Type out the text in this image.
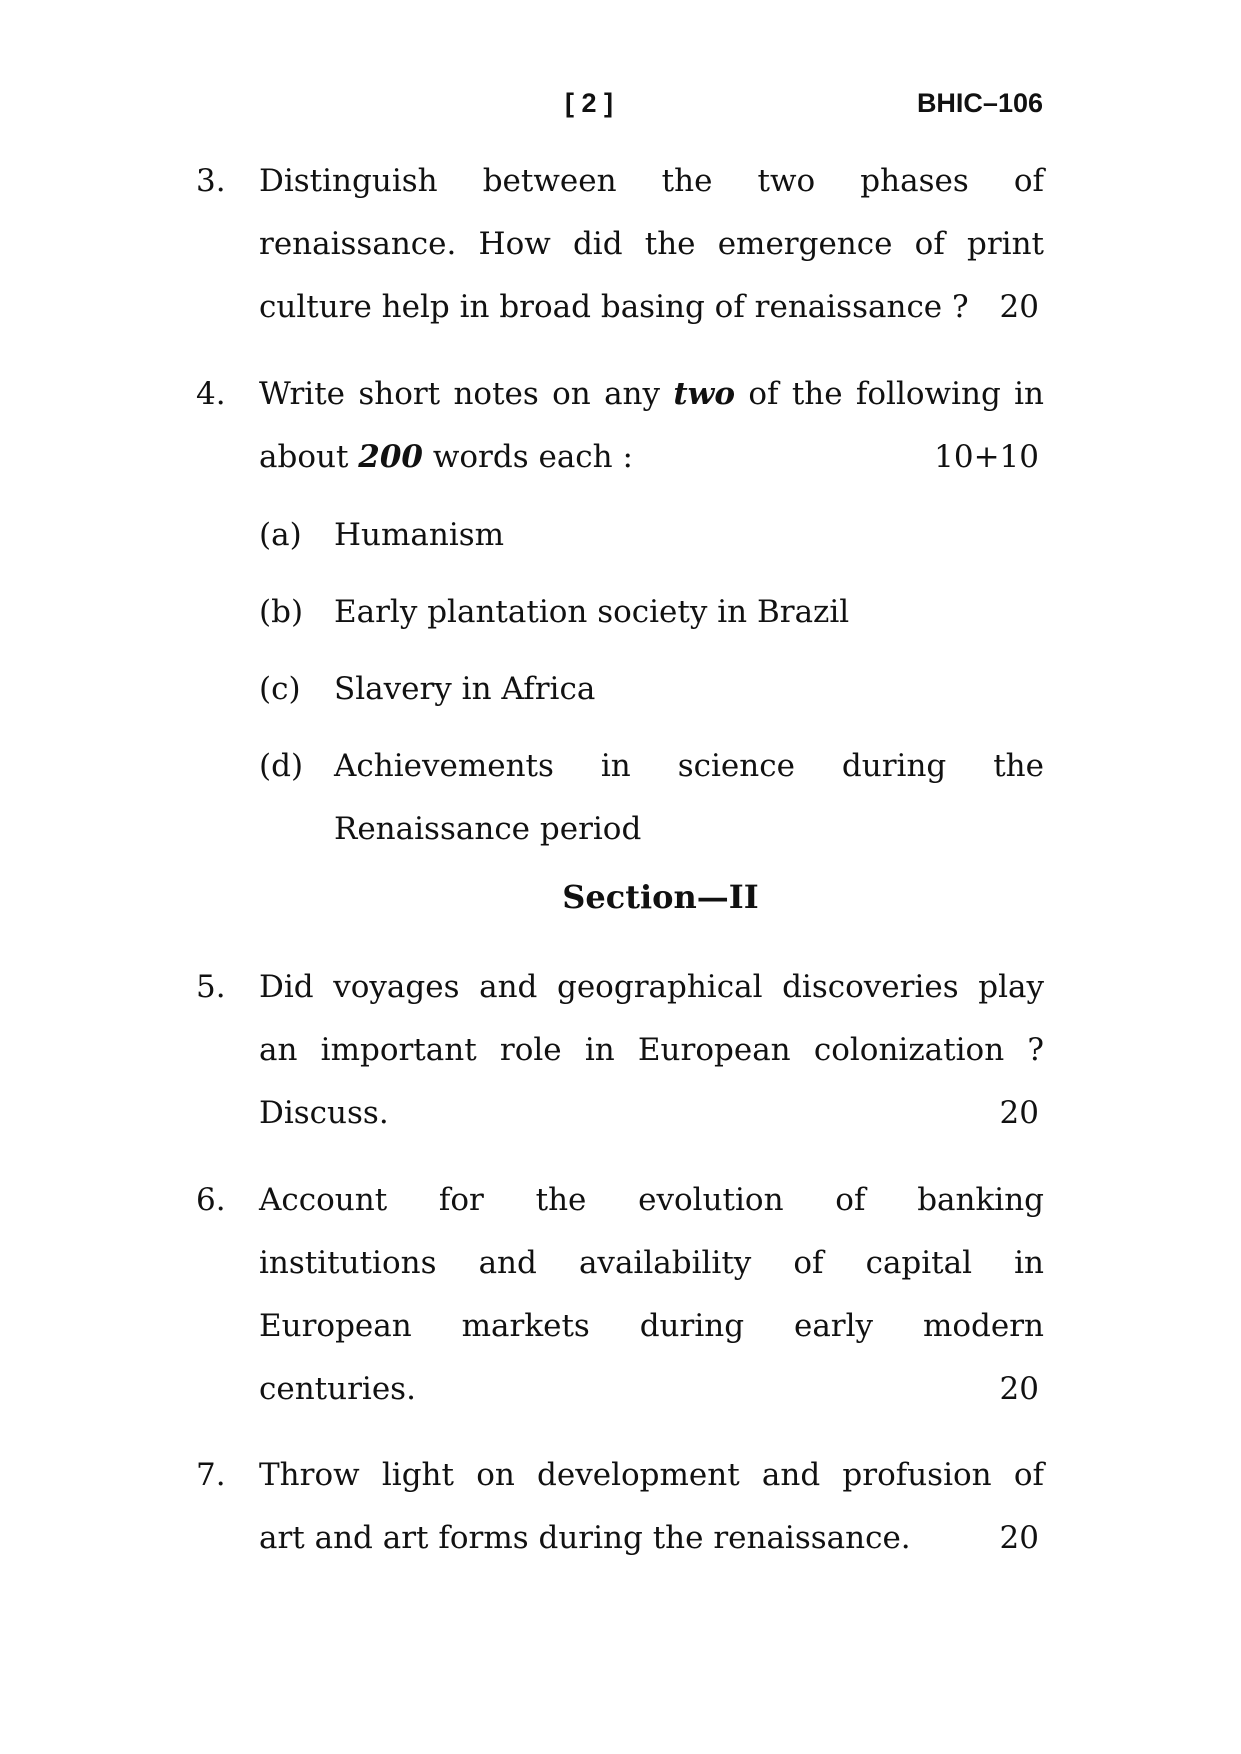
[ 2 ]	BHIC–106
3. Distinguish between the two phases of
renaissance. How did the emergence of print
culture help in broad basing of renaissance ? 20
4. Write short notes on any two of the following in
about 200 words each :	10+10
(a) Humanism
(b) Early plantation society in Brazil
(c) Slavery in Africa
(d) Achievements in science during the
Renaissance period
Section—II
5. Did voyages and geographical discoveries play
an important role in European colonization ?
Discuss.	20
6. Account for the evolution of banking
institutions and availability of capital in
European markets during early modern
centuries.	20
7. Throw light on development and profusion of
art and art forms during the renaissance.	20
